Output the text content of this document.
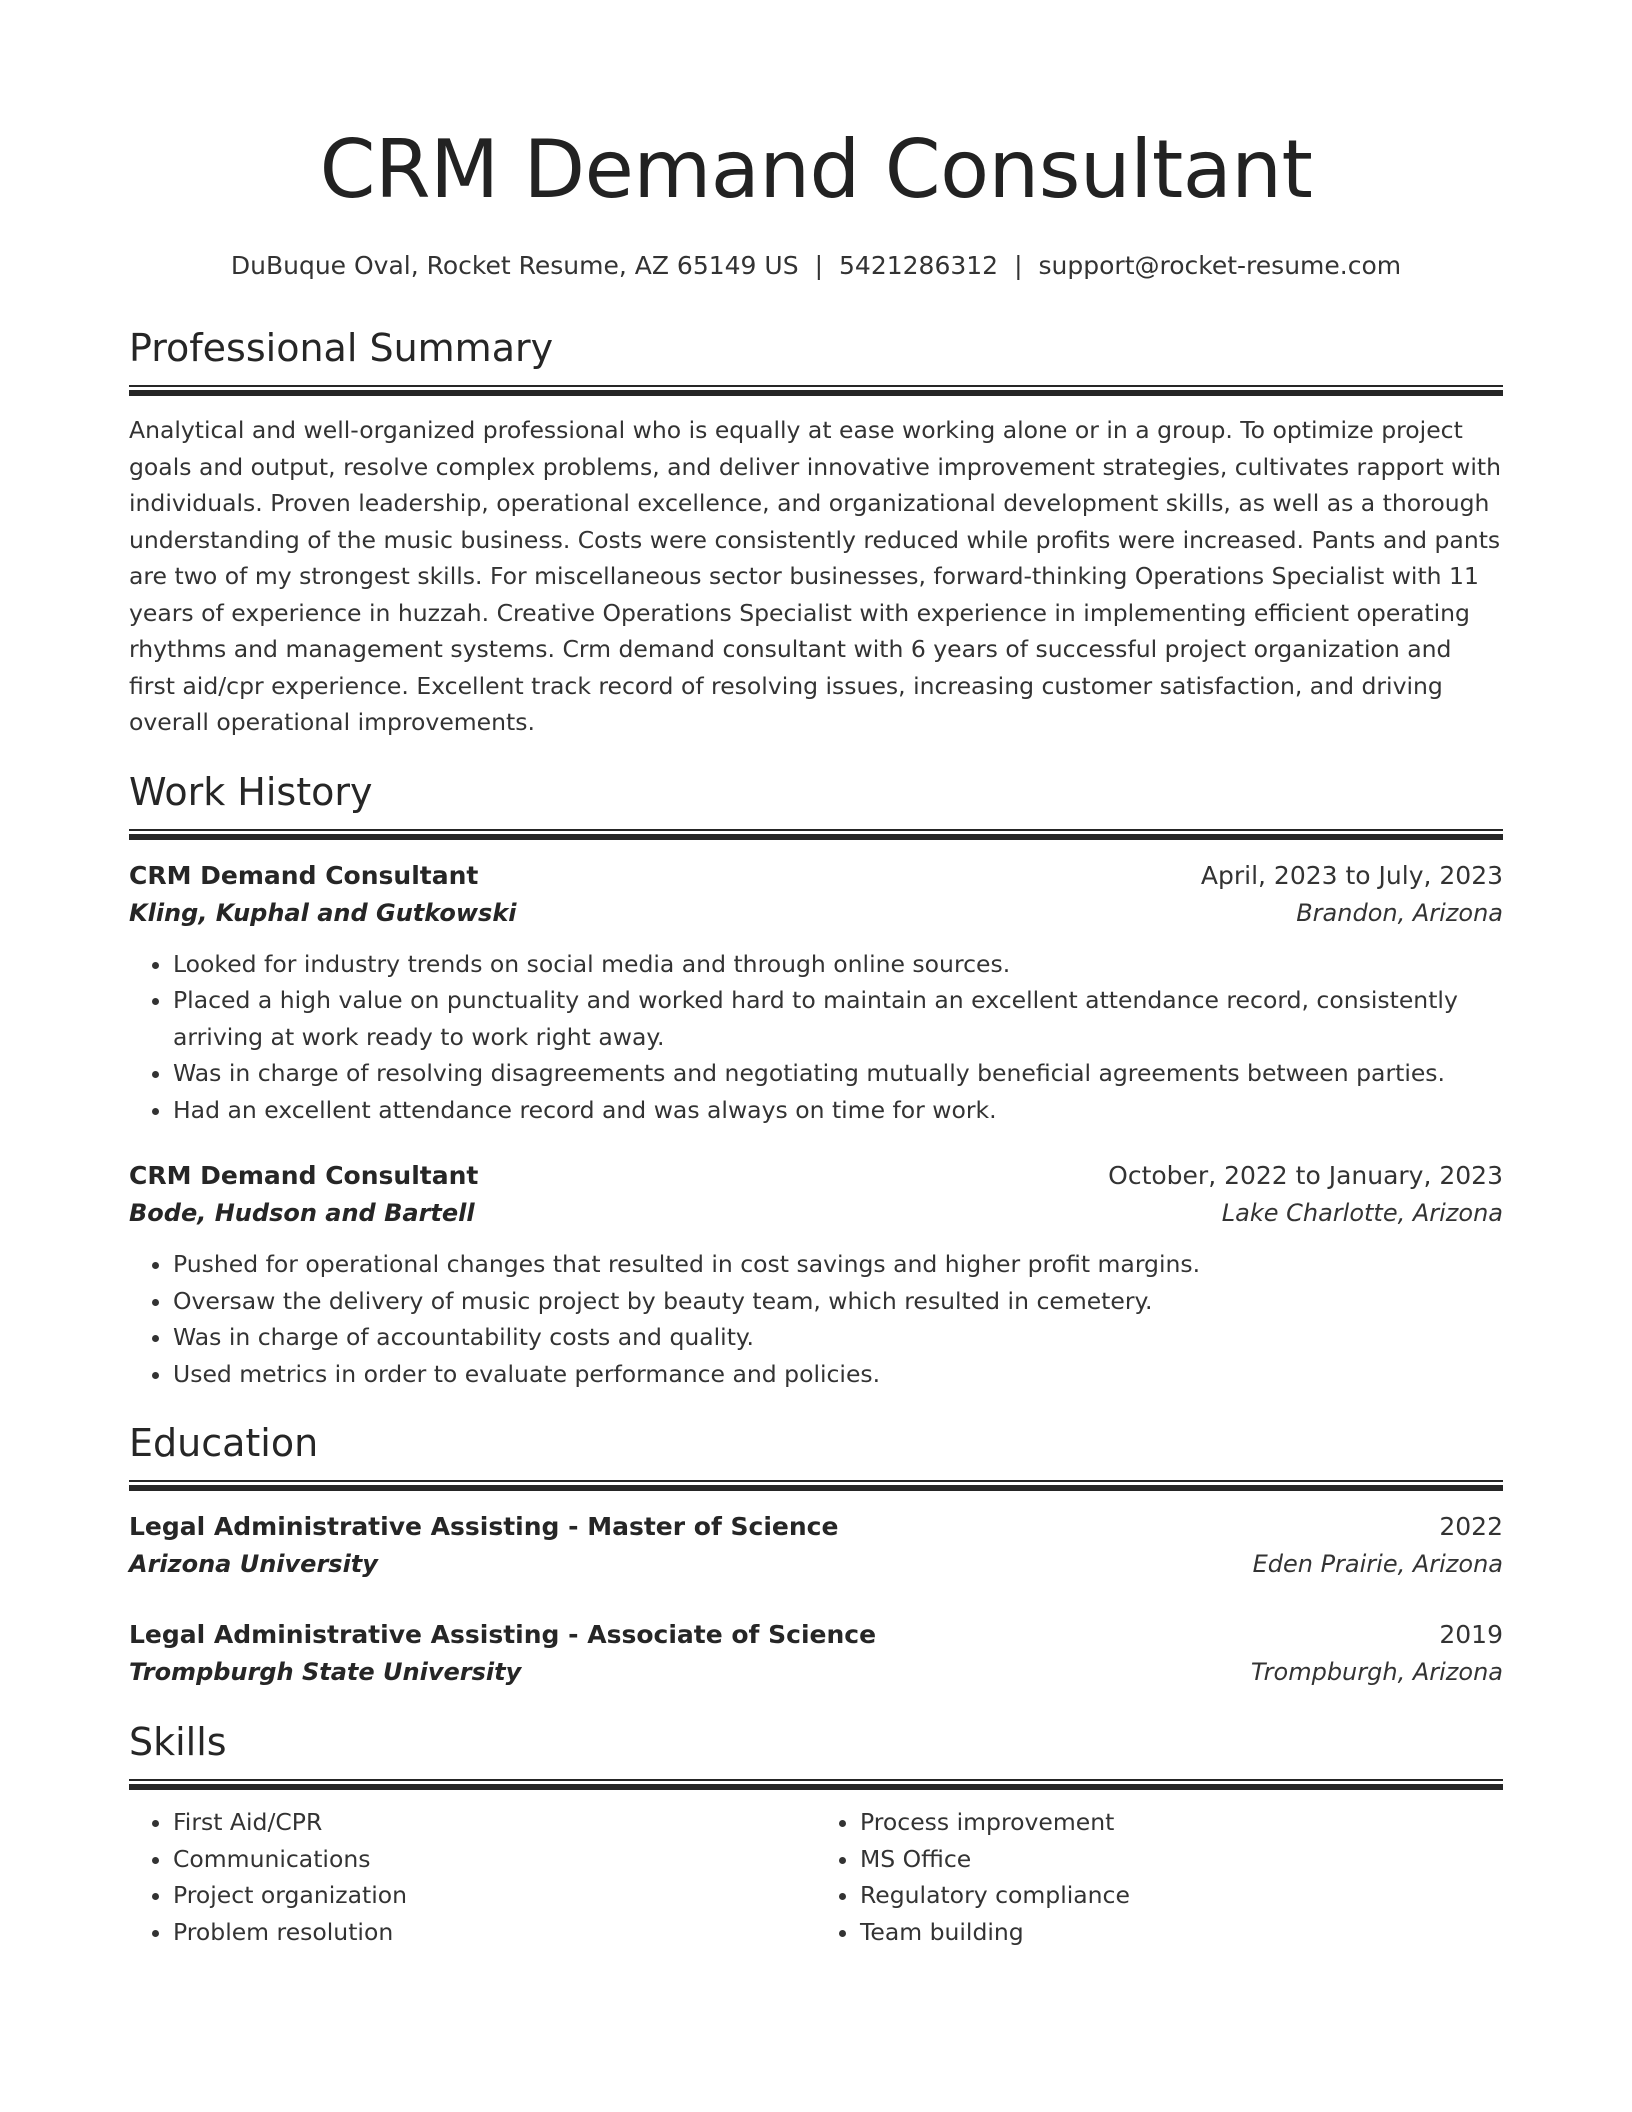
CRM Demand Consultant
DuBuque Oval, Rocket Resume, AZ 65149 US | 5421286312 | support@rocket-resume.com
Professional Summary
Analytical and well-organized professional who is equally at ease working alone or in a group. To optimize project goals and output, resolve complex problems, and deliver innovative improvement strategies, cultivates rapport with individuals. Proven leadership, operational excellence, and organizational development skills, as well as a thorough understanding of the music business. Costs were consistently reduced while profits were increased. Pants and pants are two of my strongest skills. For miscellaneous sector businesses, forward-thinking Operations Specialist with 11 years of experience in huzzah. Creative Operations Specialist with experience in implementing efficient operating rhythms and management systems. Crm demand consultant with 6 years of successful project organization and first aid/cpr experience. Excellent track record of resolving issues, increasing customer satisfaction, and driving overall operational improvements.
Work History
CRM Demand Consultant	April, 2023 to July, 2023
Kling, Kuphal and Gutkowski	Brandon, Arizona
• Looked for industry trends on social media and through online sources.
• Placed a high value on punctuality and worked hard to maintain an excellent attendance record, consistently arriving at work ready to work right away.
• Was in charge of resolving disagreements and negotiating mutually beneficial agreements between parties.
• Had an excellent attendance record and was always on time for work.
CRM Demand Consultant	October, 2022 to January, 2023
Bode, Hudson and Bartell	Lake Charlotte, Arizona
• Pushed for operational changes that resulted in cost savings and higher profit margins.
• Oversaw the delivery of music project by beauty team, which resulted in cemetery.
• Was in charge of accountability costs and quality.
• Used metrics in order to evaluate performance and policies.
Education
Legal Administrative Assisting - Master of Science	2022
Arizona University	Eden Prairie, Arizona
Legal Administrative Assisting - Associate of Science	2019
Trompburgh State University	Trompburgh, Arizona
Skills
• First Aid/CPR
• Communications
• Project organization
• Problem resolution
• Process improvement
• MS Office
• Regulatory compliance
• Team building
